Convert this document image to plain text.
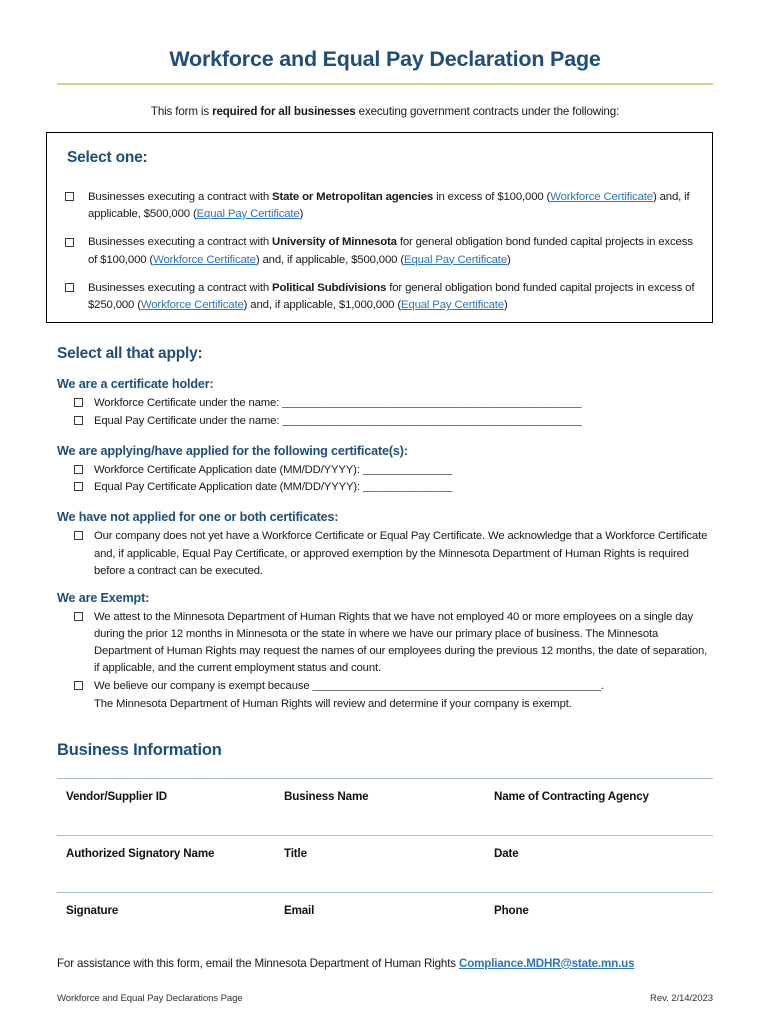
Workforce and Equal Pay Declaration Page
This form is required for all businesses executing government contracts under the following:
Select one:
Businesses executing a contract with State or Metropolitan agencies in excess of $100,000 (Workforce Certificate) and, if applicable, $500,000 (Equal Pay Certificate)
Businesses executing a contract with University of Minnesota for general obligation bond funded capital projects in excess of $100,000 (Workforce Certificate) and, if applicable, $500,000 (Equal Pay Certificate)
Businesses executing a contract with Political Subdivisions for general obligation bond funded capital projects in excess of $250,000 (Workforce Certificate) and, if applicable, $1,000,000 (Equal Pay Certificate)
Select all that apply:
We are a certificate holder:
Workforce Certificate under the name: _________________________________________________________
Equal Pay Certificate under the name: _________________________________________________________
We are applying/have applied for the following certificate(s):
Workforce Certificate Application date (MM/DD/YYYY): _________________
Equal Pay Certificate Application date (MM/DD/YYYY): _________________
We have not applied for one or both certificates:
Our company does not yet have a Workforce Certificate or Equal Pay Certificate. We acknowledge that a Workforce Certificate and, if applicable, Equal Pay Certificate, or approved exemption by the Minnesota Department of Human Rights is required before a contract can be executed.
We are Exempt:
We attest to the Minnesota Department of Human Rights that we have not employed 40 or more employees on a single day during the prior 12 months in Minnesota or the state in where we have our primary place of business. The Minnesota Department of Human Rights may request the names of our employees during the previous 12 months, the date of separation, if applicable, and the current employment status and count.
We believe our company is exempt because _______________________________________________________.
The Minnesota Department of Human Rights will review and determine if your company is exempt.
Business Information
Vendor/Supplier ID	Business Name	Name of Contracting Agency
Authorized Signatory Name	Title	Date
Signature	Email	Phone
For assistance with this form, email the Minnesota Department of Human Rights Compliance.MDHR@state.mn.us
Workforce and Equal Pay Declarations Page	Rev. 2/14/2023
